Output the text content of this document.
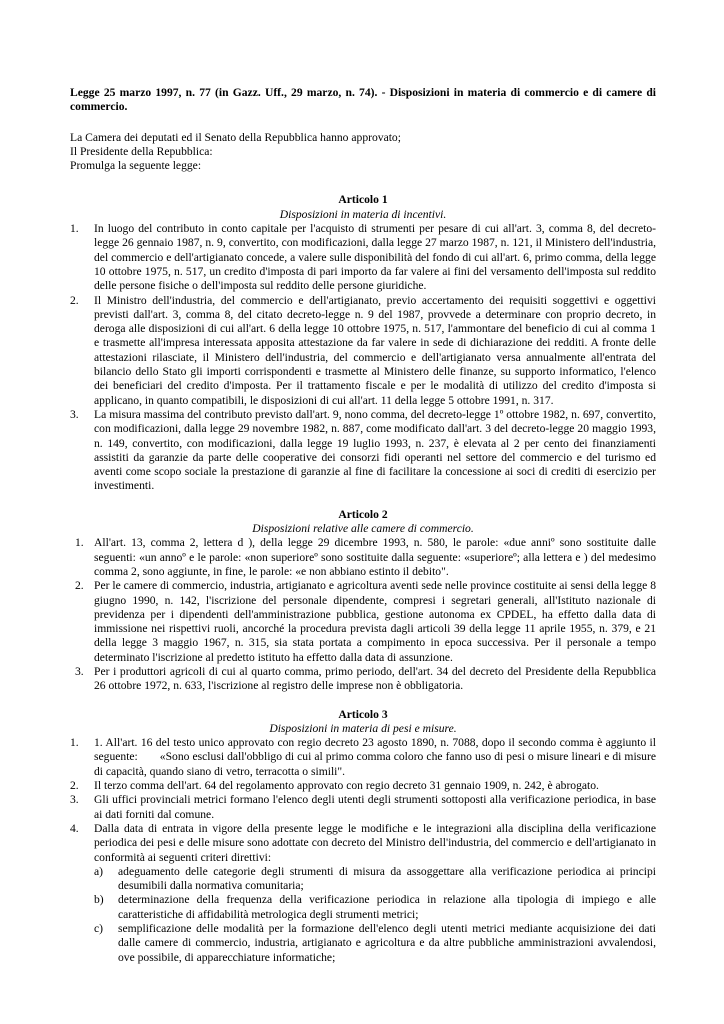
Legge 25 marzo 1997, n. 77 (in Gazz. Uff., 29 marzo, n. 74). - Disposizioni in materia di commercio e di camere di commercio.

La Camera dei deputati ed il Senato della Repubblica hanno approvato;

Il Presidente della Repubblica:

Promulga la seguente legge:

Articolo 1

Disposizioni in materia di incentivi.

1. In luogo del contributo in conto capitale per l'acquisto di strumenti per pesare di cui all'art. 3, comma 8, del decreto-legge 26 gennaio 1987, n. 9, convertito, con modificazioni, dalla legge 27 marzo 1987, n. 121, il Ministero dell'industria, del commercio e dell'artigianato concede, a valere sulle disponibilità del fondo di cui all'art. 6, primo comma, della legge 10 ottobre 1975, n. 517, un credito d'imposta di pari importo da far valere ai fini del versamento dell'imposta sul reddito delle persone fisiche o dell'imposta sul reddito delle persone giuridiche.
2. Il Ministro dell'industria, del commercio e dell'artigianato, previo accertamento dei requisiti soggettivi e oggettivi previsti dall'art. 3, comma 8, del citato decreto-legge n. 9 del 1987, provvede a determinare con proprio decreto, in deroga alle disposizioni di cui all'art. 6 della legge 10 ottobre 1975, n. 517, l'ammontare del beneficio di cui al comma 1 e trasmette all'impresa interessata apposita attestazione da far valere in sede di dichiarazione dei redditi. A fronte delle attestazioni rilasciate, il Ministero dell'industria, del commercio e dell'artigianato versa annualmente all'entrata del bilancio dello Stato gli importi corrispondenti e trasmette al Ministero delle finanze, su supporto informatico, l'elenco dei beneficiari del credito d'imposta. Per il trattamento fiscale e per le modalità di utilizzo del credito d'imposta si applicano, in quanto compatibili, le disposizioni di cui all'art. 11 della legge 5 ottobre 1991, n. 317.
3. La misura massima del contributo previsto dall'art. 9, nono comma, del decreto-legge 1º ottobre 1982, n. 697, convertito, con modificazioni, dalla legge 29 novembre 1982, n. 887, come modificato dall'art. 3 del decreto-legge 20 maggio 1993, n. 149, convertito, con modificazioni, dalla legge 19 luglio 1993, n. 237, è elevata al 2 per cento dei finanziamenti assistiti da garanzie da parte delle cooperative dei consorzi fidi operanti nel settore del commercio e del turismo ed aventi come scopo sociale la prestazione di garanzie al fine di facilitare la concessione ai soci di crediti di esercizio per investimenti.

Articolo 2

Disposizioni relative alle camere di commercio.

1. All'art. 13, comma 2, lettera d ), della legge 29 dicembre 1993, n. 580, le parole: «due anniº sono sostituite dalle seguenti: «un annoº e le parole: «non superioreº sono sostituite dalla seguente: «superioreº; alla lettera e ) del medesimo comma 2, sono aggiunte, in fine, le parole: «e non abbiano estinto il debito".
2. Per le camere di commercio, industria, artigianato e agricoltura aventi sede nelle province costituite ai sensi della legge 8 giugno 1990, n. 142, l'iscrizione del personale dipendente, compresi i segretari generali, all'Istituto nazionale di previdenza per i dipendenti dell'amministrazione pubblica, gestione autonoma ex CPDEL, ha effetto dalla data di immissione nei rispettivi ruoli, ancorché la procedura prevista dagli articoli 39 della legge 11 aprile 1955, n. 379, e 21 della legge 3 maggio 1967, n. 315, sia stata portata a compimento in epoca successiva. Per il personale a tempo determinato l'iscrizione al predetto istituto ha effetto dalla data di assunzione.
3. Per i produttori agricoli di cui al quarto comma, primo periodo, dell'art. 34 del decreto del Presidente della Repubblica 26 ottobre 1972, n. 633, l'iscrizione al registro delle imprese non è obbligatoria.

Articolo 3

Disposizioni in materia di pesi e misure.

1. 1. All'art. 16 del testo unico approvato con regio decreto 23 agosto 1890, n. 7088, dopo il secondo comma è aggiunto il seguente: «Sono esclusi dall'obbligo di cui al primo comma coloro che fanno uso di pesi o misure lineari e di misure di capacità, quando siano di vetro, terracotta o simili".
2. Il terzo comma dell'art. 64 del regolamento approvato con regio decreto 31 gennaio 1909, n. 242, è abrogato.
3. Gli uffici provinciali metrici formano l'elenco degli utenti degli strumenti sottoposti alla verificazione periodica, in base ai dati forniti dal comune.
4. Dalla data di entrata in vigore della presente legge le modifiche e le integrazioni alla disciplina della verificazione periodica dei pesi e delle misure sono adottate con decreto del Ministro dell'industria, del commercio e dell'artigianato in conformità ai seguenti criteri direttivi:
a) adeguamento delle categorie degli strumenti di misura da assoggettare alla verificazione periodica ai principi desumibili dalla normativa comunitaria;
b) determinazione della frequenza della verificazione periodica in relazione alla tipologia di impiego e alle caratteristiche di affidabilità metrologica degli strumenti metrici;
c) semplificazione delle modalità per la formazione dell'elenco degli utenti metrici mediante acquisizione dei dati dalle camere di commercio, industria, artigianato e agricoltura e da altre pubbliche amministrazioni avvalendosi, ove possibile, di apparecchiature informatiche;
